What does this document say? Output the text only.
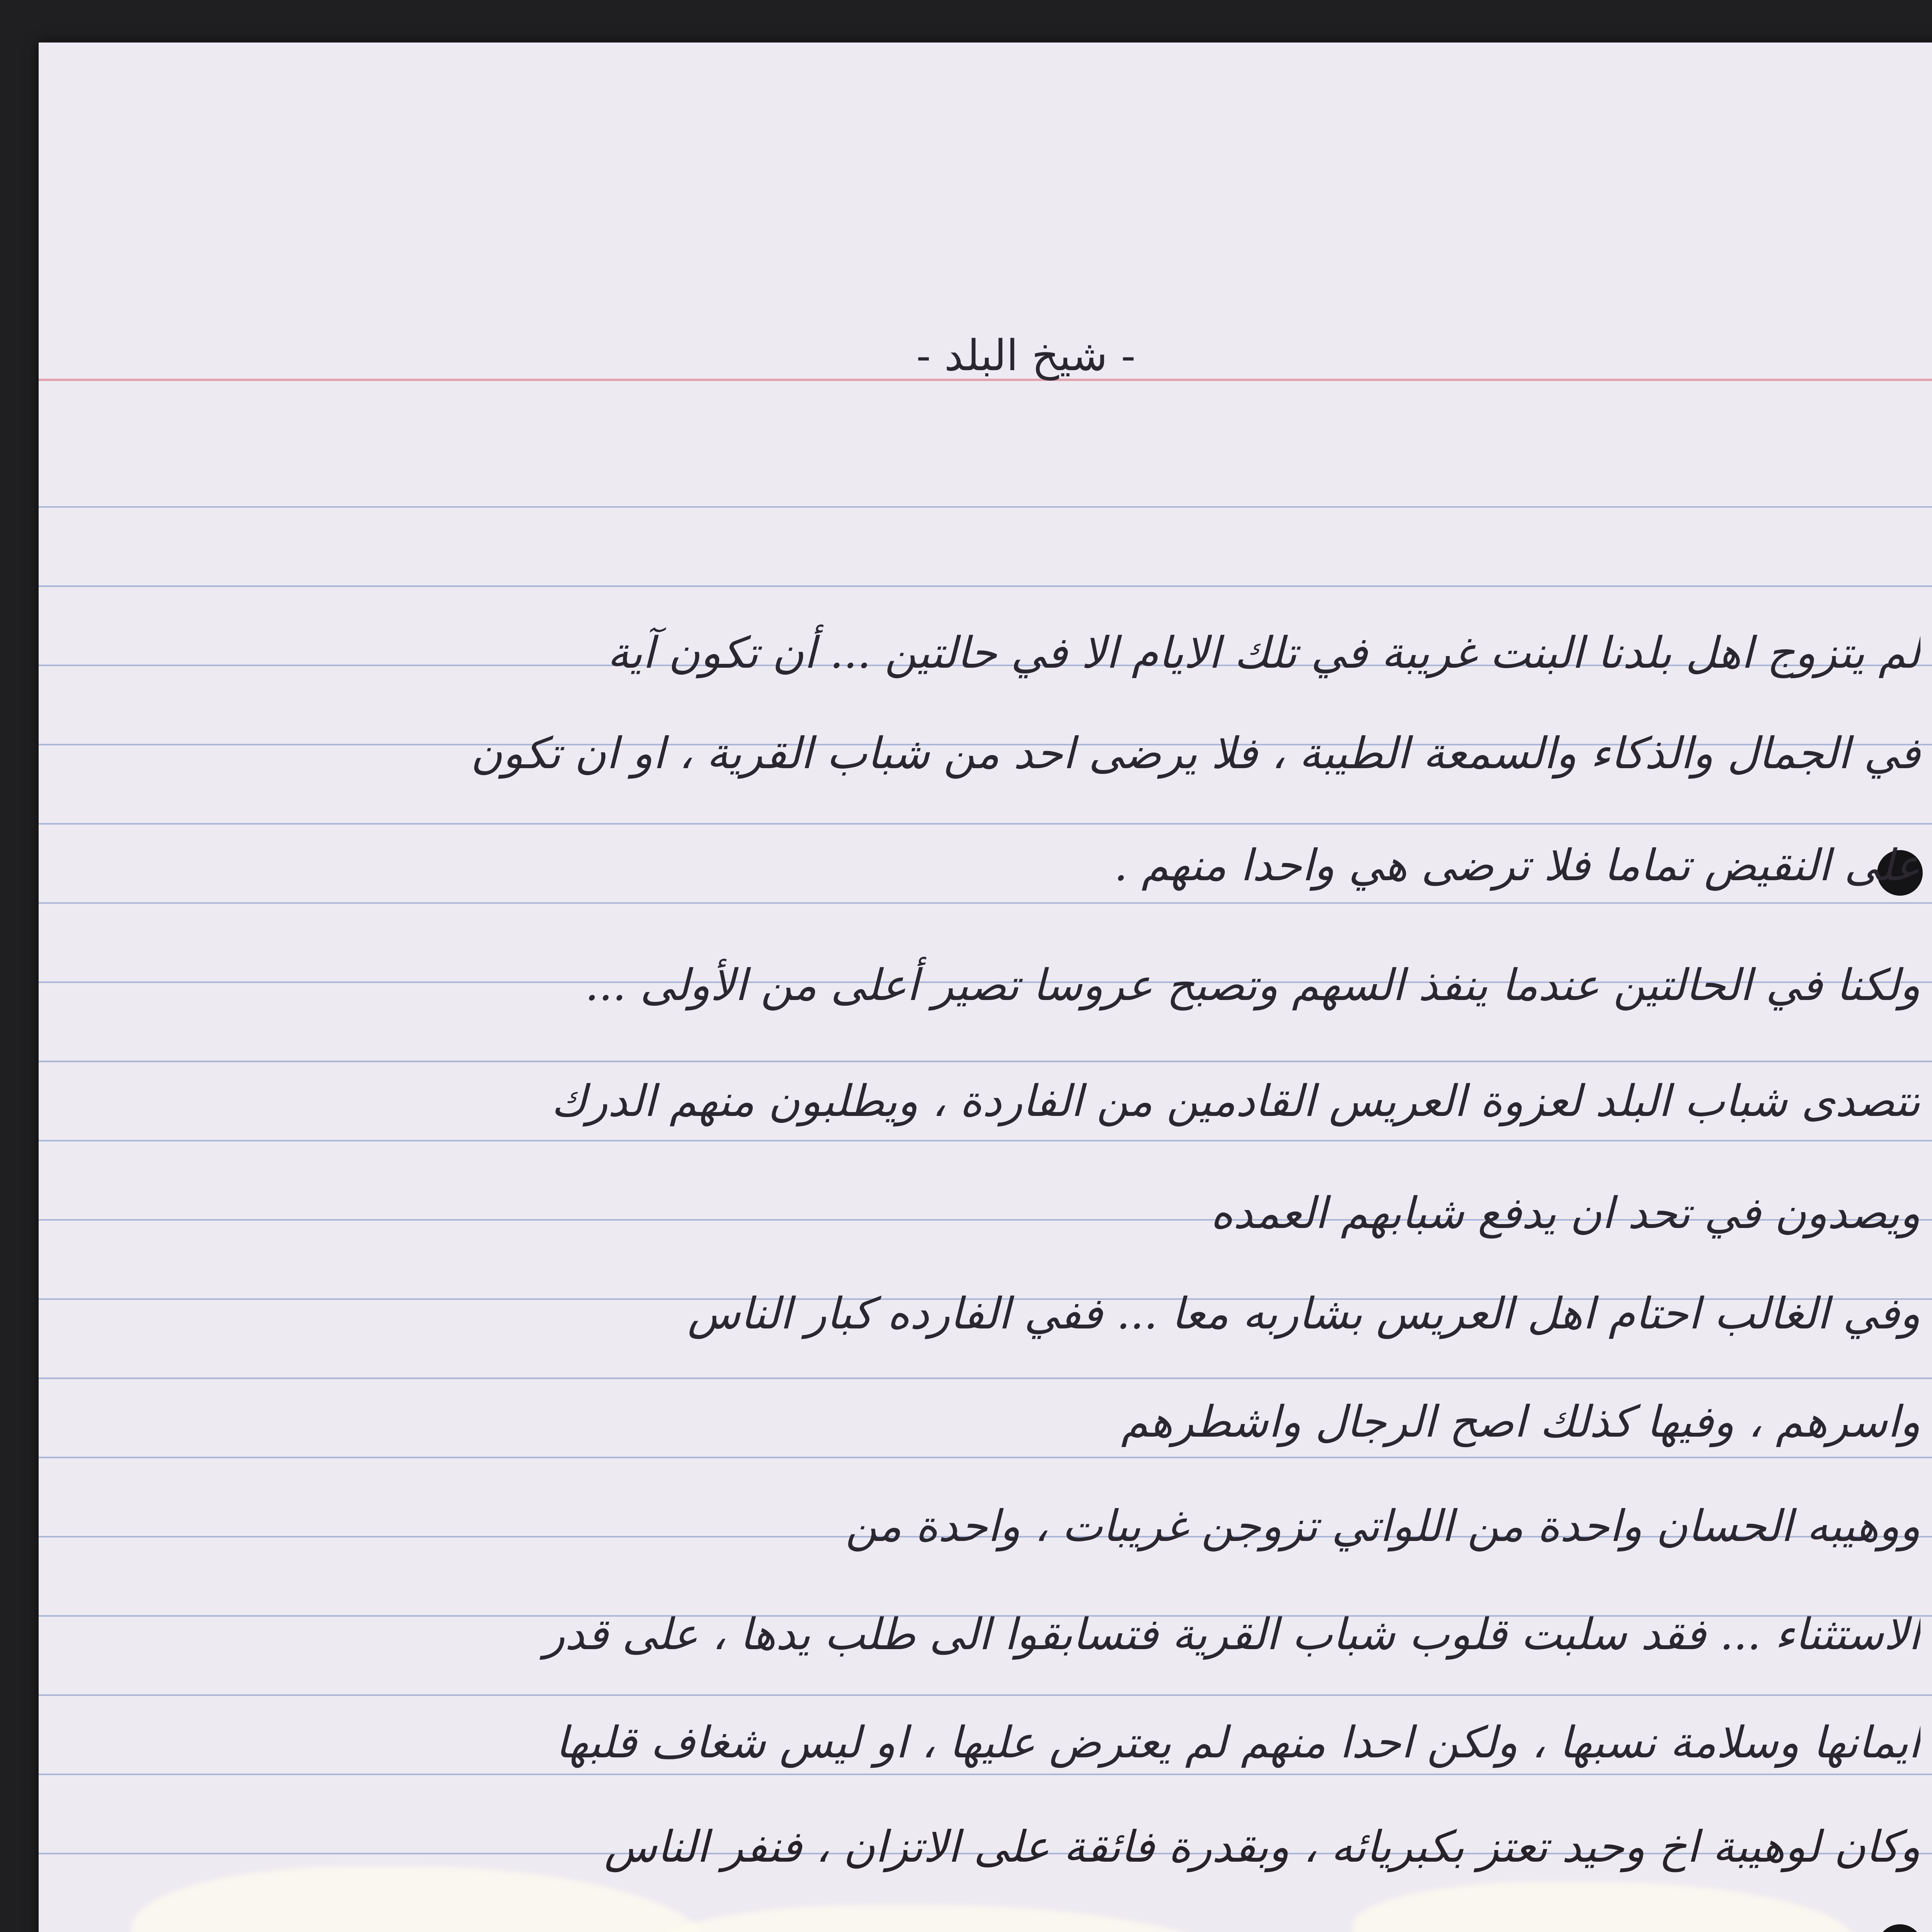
- شيخ البلد -
لم يتزوج اهل بلدنا البنت غريبة في تلك الايام الا في حالتين ... أن تكون آية
في الجمال والذكاء والسمعة الطيبة ، فلا يرضى احد من شباب القرية ، او ان تكون
على النقيض تماما فلا ترضى هي واحدا منهم .
ولكنا في الحالتين عندما ينفذ السهم وتصبح عروسا تصير أعلى من الأولى ...
تتصدى شباب البلد لعزوة العريس القادمين من الفاردة ، ويطلبون منهم الدرك
ويصدون في تحد ان يدفع شبابهم العمده
وفي الغالب احتام اهل العريس بشاربه معا ... ففي الفارده كبار الناس
واسرهم ، وفيها كذلك اصح الرجال واشطرهم
ووهيبه الحسان واحدة من اللواتي تزوجن غريبات ، واحدة من
الاستثناء ... فقد سلبت قلوب شباب القرية فتسابقوا الى طلب يدها ، على قدر
ايمانها وسلامة نسبها ، ولكن احدا منهم لم يعترض عليها ، او ليس شغاف قلبها
وكان لوهيبة اخ وحيد تعتز بكبريائه ، وبقدرة فائقة على الاتزان ، فنفر الناس
